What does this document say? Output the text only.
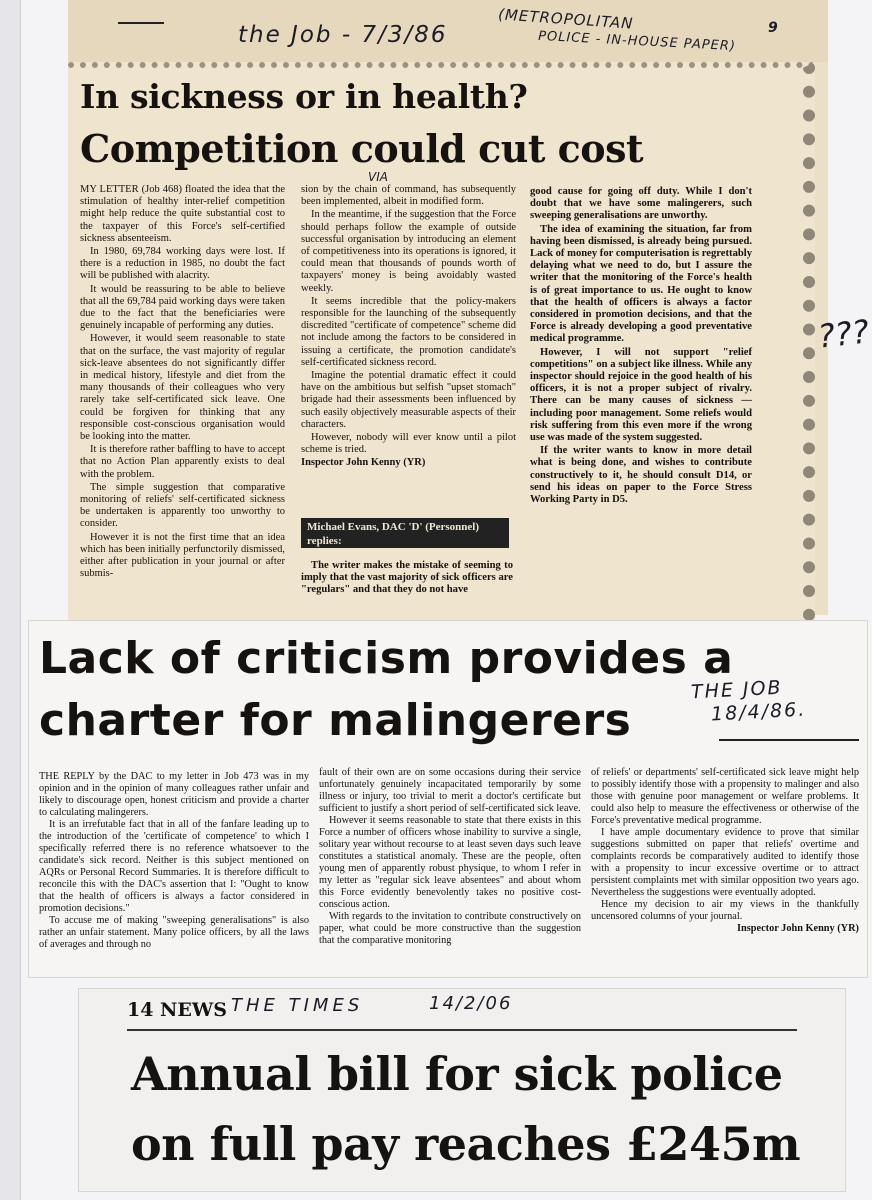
the Job - 7/3/86
(METROPOLITAN
POLICE - IN-HOUSE PAPER)
9
In sickness or in health?
Competition could cut cost
VIA

MY LETTER (Job 468) floated the idea that the stimulation of healthy inter-relief competition might help reduce the quite substantial cost to the taxpayer of this Force's self-certified sickness absenteeism.

In 1980, 69,784 working days were lost. If there is a reduction in 1985, no doubt the fact will be published with alacrity.

It would be reassuring to be able to believe that all the 69,784 paid working days were taken due to the fact that the beneficiaries were genuinely incapable of performing any duties.

However, it would seem reasonable to state that on the surface, the vast majority of regular sick-leave absentees do not significantly differ in medical history, lifestyle and diet from the many thousands of their colleagues who very rarely take self-certificated sick leave. One could be forgiven for thinking that any responsible cost-conscious organisation would be looking into the matter.

It is therefore rather baffling to have to accept that no Action Plan apparently exists to deal with the problem.

The simple suggestion that comparative monitoring of reliefs' self-certificated sickness be undertaken is apparently too unworthy to consider.

However it is not the first time that an idea which has been initially perfunctorily dismissed, either after publication in your journal or after submis-

sion by the chain of command, has subsequently been implemented, albeit in modified form.

In the meantime, if the suggestion that the Force should perhaps follow the example of outside successful organisation by introducing an element of competitiveness into its operations is ignored, it could mean that thousands of pounds worth of taxpayers' money is being avoidably wasted weekly.

It seems incredible that the policy-makers responsible for the launching of the subsequently discredited "certificate of competence" scheme did not include among the factors to be considered in issuing a certificate, the promotion candidate's self-certificated sickness record.

Imagine the potential dramatic effect it could have on the ambitious but selfish "upset stomach" brigade had their assessments been influenced by such easily objectively measurable aspects of their characters.

However, nobody will ever know until a pilot scheme is tried.

Inspector John Kenny (YR)

Michael Evans, DAC 'D' (Personnel) replies:

The writer makes the mistake of seeming to imply that the vast majority of sick officers are "regulars" and that they do not have

good cause for going off duty. While I don't doubt that we have some malingerers, such sweeping generalisations are unworthy.

The idea of examining the situation, far from having been dismissed, is already being pursued. Lack of money for computerisation is regrettably delaying what we need to do, but I assure the writer that the monitoring of the Force's health is of great importance to us. He ought to know that the health of officers is always a factor considered in promotion decisions, and that the Force is already developing a good preventative medical programme.

However, I will not support "relief competitions" on a subject like illness. While any inspector should rejoice in the good health of his officers, it is not a proper subject of rivalry. There can be many causes of sickness — including poor management. Some reliefs would risk suffering from this even more if the wrong use was made of the system suggested.

If the writer wants to know in more detail what is being done, and wishes to contribute constructively to it, he should consult D14, or send his ideas on paper to the Force Stress Working Party in D5.

???
Lack of criticism provides a
charter for malingerers
THE JOB
18/4/86.

THE REPLY by the DAC to my letter in Job 473 was in my opinion and in the opinion of many colleagues rather unfair and likely to discourage open, honest criticism and provide a charter to calculating malingerers.

It is an irrefutable fact that in all of the fanfare leading up to the introduction of the 'certificate of competence' to which I specifically referred there is no reference whatsoever to the candidate's sick record. Neither is this subject mentioned on AQRs or Personal Record Summaries. It is therefore difficult to reconcile this with the DAC's assertion that I: "Ought to know that the health of officers is always a factor considered in promotion decisions."

To accuse me of making "sweeping generalisations" is also rather an unfair statement. Many police officers, by all the laws of averages and through no

fault of their own are on some occasions during their service unfortunately genuinely incapacitated temporarily by some illness or injury, too trivial to merit a doctor's certificate but sufficient to justify a short period of self-certificated sick leave.

However it seems reasonable to state that there exists in this Force a number of officers whose inability to survive a single, solitary year without recourse to at least seven days such leave constitutes a statistical anomaly. These are the people, often young men of apparently robust physique, to whom I refer in my letter as "regular sick leave absentees" and about whom this Force evidently benevolently takes no positive cost-conscious action.

With regards to the invitation to contribute constructively on paper, what could be more constructive than the suggestion that the comparative monitoring

of reliefs' or departments' self-certificated sick leave might help to possibly identify those with a propensity to malinger and also those with genuine poor management or welfare problems. It could also help to measure the effectiveness or otherwise of the Force's preventative medical programme.

I have ample documentary evidence to prove that similar suggestions submitted on paper that reliefs' overtime and complaints records be comparatively audited to identify those with a propensity to incur excessive overtime or to attract persistent complaints met with similar opposition two years ago. Nevertheless the suggestions were eventually adopted.

Hence my decision to air my views in the thankfully uncensored columns of your journal.

Inspector John Kenny (YR)

14 NEWS THE TIMES	14/2/06
Annual bill for sick police
on full pay reaches £245m
